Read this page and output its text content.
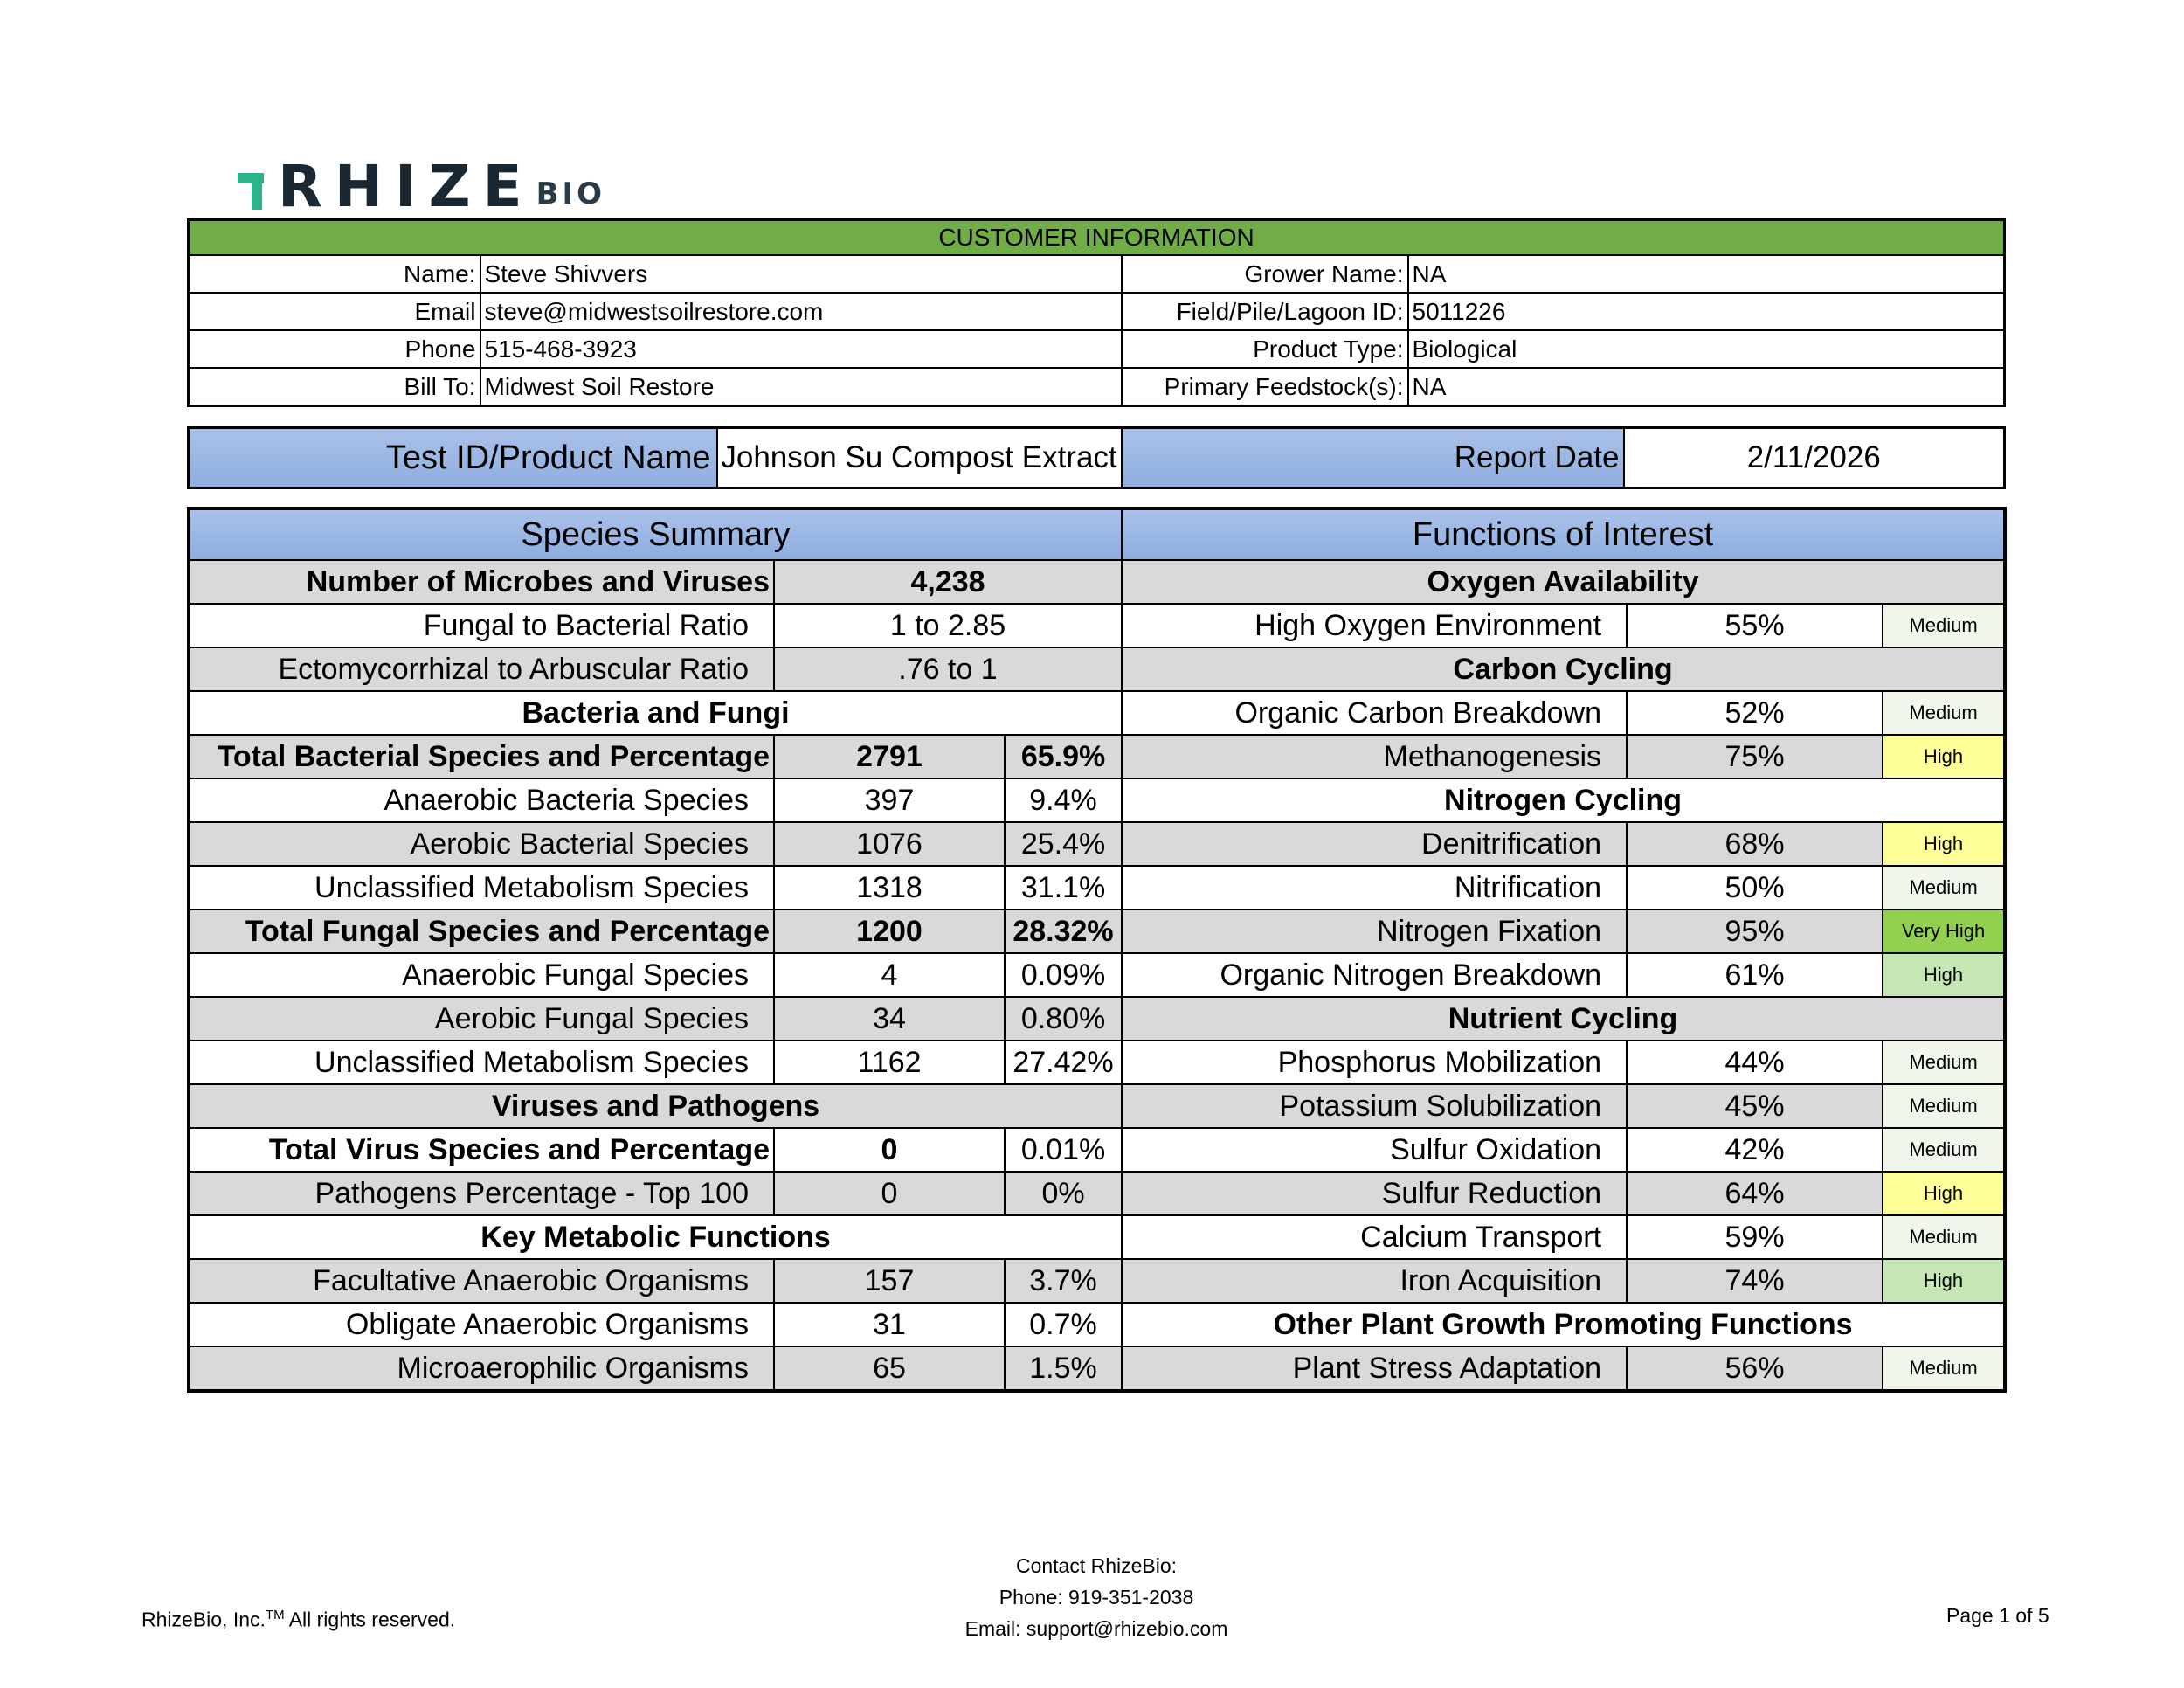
RHIZE BIO
CUSTOMER INFORMATION			
Name:	Steve Shivvers	Grower Name:	NA
Email	steve@midwestsoilrestore.com	Field/Pile/Lagoon ID:	5011226
Phone	515-468-3923	Product Type:	Biological
Bill To:	Midwest Soil Restore	Primary Feedstock(s):	NA
Test ID/Product Name	Johnson Su Compost Extract	Report Date	2/11/2026
Species Summary			Functions of Interest		
Number of Microbes and Viruses	4,238		Oxygen Availability		
Fungal to Bacterial Ratio	1 to 2.85		High Oxygen Environment	55%	Medium
Ectomycorrhizal to Arbuscular Ratio	.76 to 1		Carbon Cycling		
Bacteria and Fungi			Organic Carbon Breakdown	52%	Medium
Total Bacterial Species and Percentage	2791	65.9%	Methanogenesis	75%	High
Anaerobic Bacteria Species	397	9.4%	Nitrogen Cycling		
Aerobic Bacterial Species	1076	25.4%	Denitrification	68%	High
Unclassified Metabolism Species	1318	31.1%	Nitrification	50%	Medium
Total Fungal Species and Percentage	1200	28.32%	Nitrogen Fixation	95%	Very High
Anaerobic Fungal Species	4	0.09%	Organic Nitrogen Breakdown	61%	High
Aerobic Fungal Species	34	0.80%	Nutrient Cycling		
Unclassified Metabolism Species	1162	27.42%	Phosphorus Mobilization	44%	Medium
Viruses and Pathogens			Potassium Solubilization	45%	Medium
Total Virus Species and Percentage	0	0.01%	Sulfur Oxidation	42%	Medium
Pathogens Percentage - Top 100	0	0%	Sulfur Reduction	64%	High
Key Metabolic Functions			Calcium Transport	59%	Medium
Facultative Anaerobic Organisms	157	3.7%	Iron Acquisition	74%	High
Obligate Anaerobic Organisms	31	0.7%	Other Plant Growth Promoting Functions		
Microaerophilic Organisms	65	1.5%	Plant Stress Adaptation	56%	Medium
RhizeBio, Inc.™ All rights reserved.
Contact RhizeBio:
Phone: 919-351-2038
Email: support@rhizebio.com
Page 1 of 5
